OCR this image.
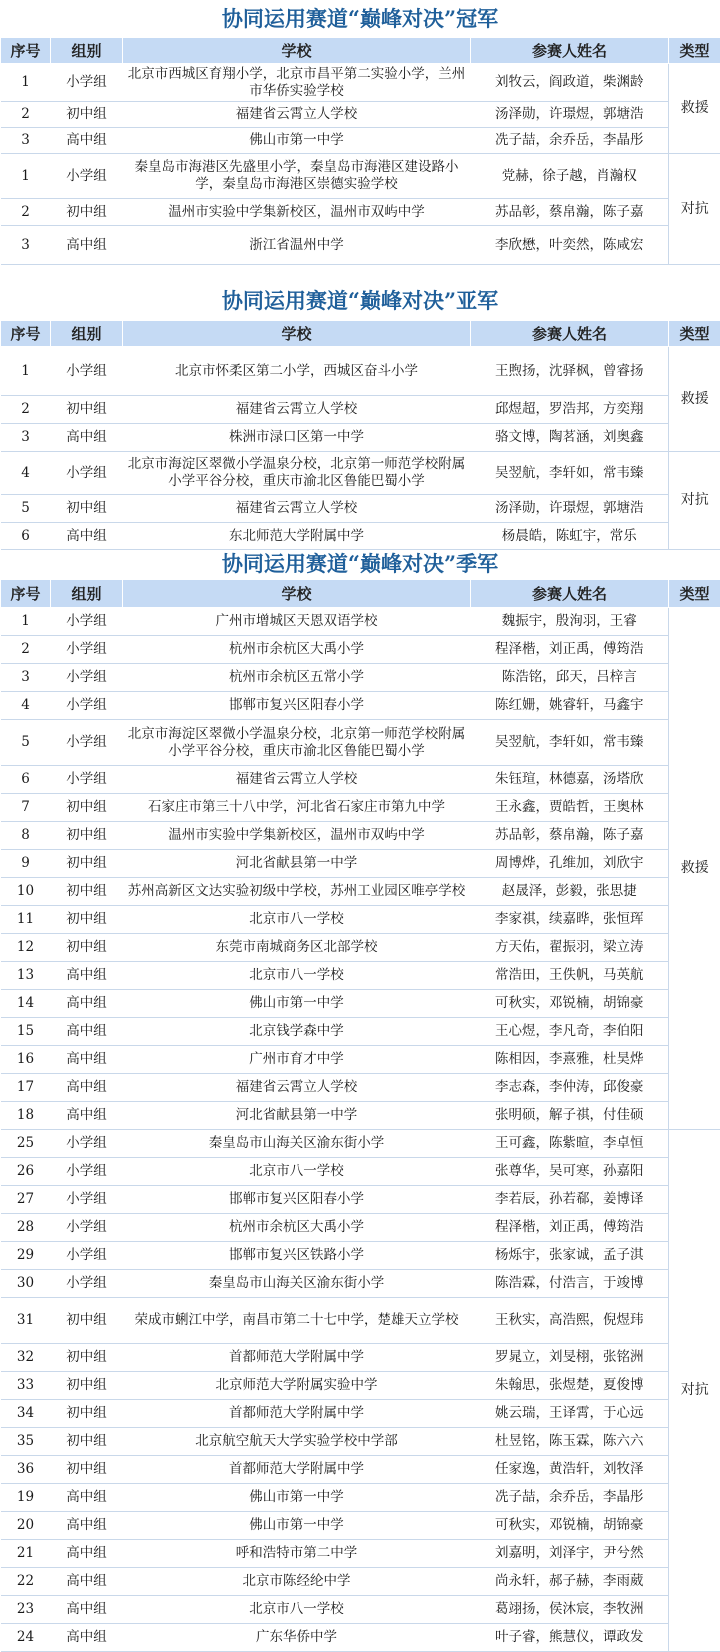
协同运用赛道“巅峰对决”冠军
序号	组别	学校	参赛人姓名	类型
1	小学组	北京市西城区育翔小学，北京市昌平第二实验小学，兰州市华侨实验学校	刘牧云，阎政道，柴渊龄	救援
2	初中组	福建省云霄立人学校	汤泽勋，许璟煜，郭塘浩	
3	高中组	佛山市第一中学	冼子喆，余乔岳，李晶彤	
1	小学组	秦皇岛市海港区先盛里小学，秦皇岛市海港区建设路小学，秦皇岛市海港区崇德实验学校	党赫，徐子越，肖瀚权	对抗
2	初中组	温州市实验中学集新校区，温州市双屿中学	苏品彰，蔡帛瀚，陈子嘉	
3	高中组	浙江省温州中学	李欣懋，叶奕然，陈咸宏	
协同运用赛道“巅峰对决”亚军
序号	组别	学校	参赛人姓名	类型
1	小学组	北京市怀柔区第二小学，西城区奋斗小学	王煦扬，沈驿枫，曾睿扬	救援
2	初中组	福建省云霄立人学校	邱煜超，罗浩邦，方奕翔	
3	高中组	株洲市渌口区第一中学	骆文博，陶茗涵，刘奥鑫	
4	小学组	北京市海淀区翠微小学温泉分校，北京第一师范学校附属小学平谷分校，重庆市渝北区鲁能巴蜀小学	吴翌航，李轩如，常韦臻	对抗
5	初中组	福建省云霄立人学校	汤泽勋，许璟煜，郭塘浩	
6	高中组	东北师范大学附属中学	杨晨皓，陈虹宇，常乐	
协同运用赛道“巅峰对决”季军
序号	组别	学校	参赛人姓名	类型
1	小学组	广州市增城区天恩双语学校	魏振宇，殷洵羽，王睿	救援
2	小学组	杭州市余杭区大禹小学	程泽楷，刘正禹，傅筠浩	
3	小学组	杭州市余杭区五常小学	陈浩铭，邱天，吕梓言	
4	小学组	邯郸市复兴区阳春小学	陈红姗，姚睿轩，马鑫宇	
5	小学组	北京市海淀区翠微小学温泉分校，北京第一师范学校附属小学平谷分校，重庆市渝北区鲁能巴蜀小学	吴翌航，李轩如，常韦臻	
6	小学组	福建省云霄立人学校	朱钰瑄，林德嘉，汤塔欣	
7	初中组	石家庄市第三十八中学，河北省石家庄市第九中学	王永鑫，贾皓哲，王奥林	
8	初中组	温州市实验中学集新校区，温州市双屿中学	苏品彰，蔡帛瀚，陈子嘉	
9	初中组	河北省献县第一中学	周博烨，孔维加，刘欣宇	
10	初中组	苏州高新区文达实验初级中学校，苏州工业园区唯亭学校	赵晟泽，彭毅，张思捷	
11	初中组	北京市八一学校	李家祺，续嘉晔，张恒珲	
12	初中组	东莞市南城商务区北部学校	方天佑，翟振羽，梁立涛	
13	高中组	北京市八一学校	常浩田，王佚帆，马英航	
14	高中组	佛山市第一中学	可秋实，邓锐楠，胡锦豪	
15	高中组	北京钱学森中学	王心煜，李凡奇，李伯阳	
16	高中组	广州市育才中学	陈相因，李熹雅，杜昊烨	
17	高中组	福建省云霄立人学校	李志森，李仲涛，邱俊豪	
18	高中组	河北省献县第一中学	张明硕，解子祺，付佳硕	
25	小学组	秦皇岛市山海关区渝东街小学	王可鑫，陈紫暄，李卓恒	对抗
26	小学组	北京市八一学校	张尊华，吴可寒，孙嘉阳	
27	小学组	邯郸市复兴区阳春小学	李若辰，孙若郗，姜博译	
28	小学组	杭州市余杭区大禹小学	程泽楷，刘正禹，傅筠浩	
29	小学组	邯郸市复兴区铁路小学	杨烁宇，张家诚，孟子淇	
30	小学组	秦皇岛市山海关区渝东街小学	陈浩霖，付浩言，于竣博	
31	初中组	荣成市蜊江中学，南昌市第二十七中学，楚雄天立学校	王秋实，高浩熙，倪煜玮	
32	初中组	首都师范大学附属中学	罗晁立，刘旻栩，张铭洲	
33	初中组	北京师范大学附属实验中学	朱翰思，张煜楚，夏俊博	
34	初中组	首都师范大学附属中学	姚云瑞，王译霄，于心远	
35	初中组	北京航空航天大学实验学校中学部	杜昱铭，陈玉霖，陈六六	
36	初中组	首都师范大学附属中学	任家逸，黄浩轩，刘牧泽	
19	高中组	佛山市第一中学	冼子喆，余乔岳，李晶彤	
20	高中组	佛山市第一中学	可秋实，邓锐楠，胡锦豪	
21	高中组	呼和浩特市第二中学	刘嘉明，刘泽宇，尹兮然	
22	高中组	北京市陈经纶中学	尚永轩，郝子赫，李雨葳	
23	高中组	北京市八一学校	葛翊扬，侯沐宸，李牧洲	
24	高中组	广东华侨中学	叶子睿，熊慧仪，谭政发	
